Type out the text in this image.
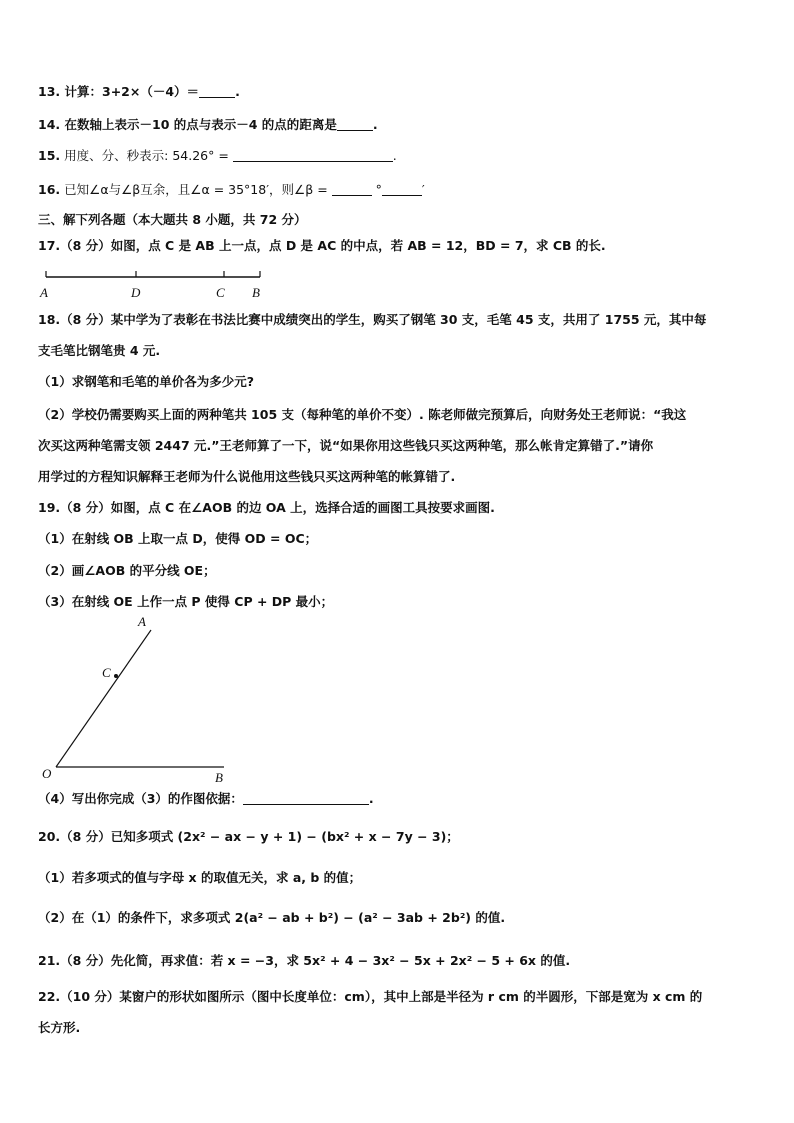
13. 计算：3+2×（－4）＝	.
14. 在数轴上表示－10 的点与表示－4 的点的距离是	.
15. 用度、分、秒表示: 54.26° =	.
16. 已知∠α与∠β互余，且∠α = 35°18′，则∠β =	°	′
三、解下列各题（本大题共 8 小题，共 72 分）
17.（8 分）如图，点 C 是 AB 上一点，点 D 是 AC 的中点，若 AB = 12，BD = 7，求 CB 的长.
A	D	C B
18.（8 分）某中学为了表彰在书法比赛中成绩突出的学生，购买了钢笔 30 支，毛笔 45 支，共用了 1755 元，其中每
支毛笔比钢笔贵 4 元.
（1）求钢笔和毛笔的单价各为多少元?
（2）学校仍需要购买上面的两种笔共 105 支（每种笔的单价不变）. 陈老师做完预算后，向财务处王老师说：“我这
次买这两种笔需支领 2447 元.”王老师算了一下，说“如果你用这些钱只买这两种笔，那么帐肯定算错了.”请你
用学过的方程知识解释王老师为什么说他用这些钱只买这两种笔的帐算错了.
19.（8 分）如图，点 C 在∠AOB 的边 OA 上，选择合适的画图工具按要求画图.
（1）在射线 OB 上取一点 D，使得 OD = OC；
（2）画∠AOB 的平分线 OE；
（3）在射线 OE 上作一点 P 使得 CP + DP 最小；
A
C
O	B
（4）写出你完成（3）的作图依据：	.
20.（8 分）已知多项式 (2x² − ax − y + 1) − (bx² + x − 7y − 3)；
（1）若多项式的值与字母 x 的取值无关，求 a, b 的值；
（2）在（1）的条件下，求多项式 2(a² − ab + b²) − (a² − 3ab + 2b²) 的值.
21.（8 分）先化简，再求值：若 x = −3，求 5x² + 4 − 3x² − 5x + 2x² − 5 + 6x 的值.
22.（10 分）某窗户的形状如图所示（图中长度单位：cm），其中上部是半径为 r cm 的半圆形，下部是宽为 x cm 的
长方形.
